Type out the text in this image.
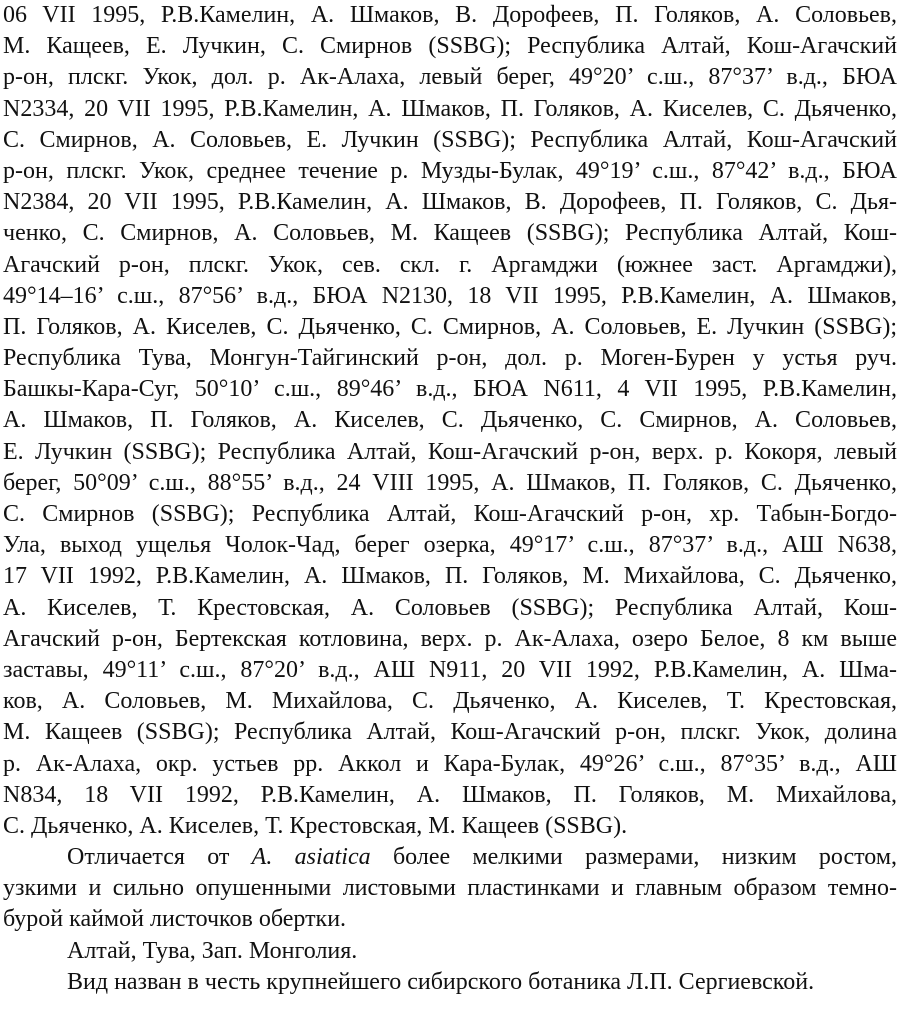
06 VII 1995, Р.В.Камелин, А. Шмаков, В. Дорофеев, П. Голяков, А. Соловьев,
М. Кащеев, Е. Лучкин, С. Смирнов (SSBG); Республика Алтай, Кош-Агачский
р-он, плскг. Укок, дол. р. Ак-Алаха, левый берег, 49°20’ с.ш., 87°37’ в.д., БЮА
N2334, 20 VII 1995, Р.В.Камелин, А. Шмаков, П. Голяков, А. Киселев, С. Дьяченко,
С. Смирнов, А. Соловьев, Е. Лучкин (SSBG); Республика Алтай, Кош-Агачский
р-он, плскг. Укок, среднее течение р. Музды-Булак, 49°19’ с.ш., 87°42’ в.д., БЮА
N2384, 20 VII 1995, Р.В.Камелин, А. Шмаков, В. Дорофеев, П. Голяков, С. Дья-
ченко, С. Смирнов, А. Соловьев, М. Кащеев (SSBG); Республика Алтай, Кош-
Агачский р-он, плскг. Укок, сев. скл. г. Аргамджи (южнее заст. Аргамджи),
49°14–16’ с.ш., 87°56’ в.д., БЮА N2130, 18 VII 1995, Р.В.Камелин, А. Шмаков,
П. Голяков, А. Киселев, С. Дьяченко, С. Смирнов, А. Соловьев, Е. Лучкин (SSBG);
Республика Тува, Монгун-Тайгинский р-он, дол. р. Моген-Бурен у устья руч.
Башкы-Кара-Суг, 50°10’ с.ш., 89°46’ в.д., БЮА N611, 4 VII 1995, Р.В.Камелин,
А. Шмаков, П. Голяков, А. Киселев, С. Дьяченко, С. Смирнов, А. Соловьев,
Е. Лучкин (SSBG); Республика Алтай, Кош-Агачский р-он, верх. р. Кокоря, левый
берег, 50°09’ с.ш., 88°55’ в.д., 24 VIII 1995, А. Шмаков, П. Голяков, С. Дьяченко,
С. Смирнов (SSBG); Республика Алтай, Кош-Агачский р-он, хр. Табын-Богдо-
Ула, выход ущелья Чолок-Чад, берег озерка, 49°17’ с.ш., 87°37’ в.д., АШ N638,
17 VII 1992, Р.В.Камелин, А. Шмаков, П. Голяков, М. Михайлова, С. Дьяченко,
А. Киселев, Т. Крестовская, А. Соловьев (SSBG); Республика Алтай, Кош-
Агачский р-он, Бертекская котловина, верх. р. Ак-Алаха, озеро Белое, 8 км выше
заставы, 49°11’ с.ш., 87°20’ в.д., АШ N911, 20 VII 1992, Р.В.Камелин, А. Шма-
ков, А. Соловьев, М. Михайлова, С. Дьяченко, А. Киселев, Т. Крестовская,
М. Кащеев (SSBG); Республика Алтай, Кош-Агачский р-он, плскг. Укок, долина
р. Ак-Алаха, окр. устьев рр. Аккол и Кара-Булак, 49°26’ с.ш., 87°35’ в.д., АШ
N834, 18 VII 1992, Р.В.Камелин, А. Шмаков, П. Голяков, М. Михайлова,
С. Дьяченко, А. Киселев, Т. Крестовская, М. Кащеев (SSBG).

Отличается от A. asiatica более мелкими размерами, низким ростом,
узкими и сильно опушенными листовыми пластинками и главным образом темно-
бурой каймой листочков обертки.

Алтай, Тува, Зап. Монголия.

Вид назван в честь крупнейшего сибирского ботаника Л.П. Сергиевской.
